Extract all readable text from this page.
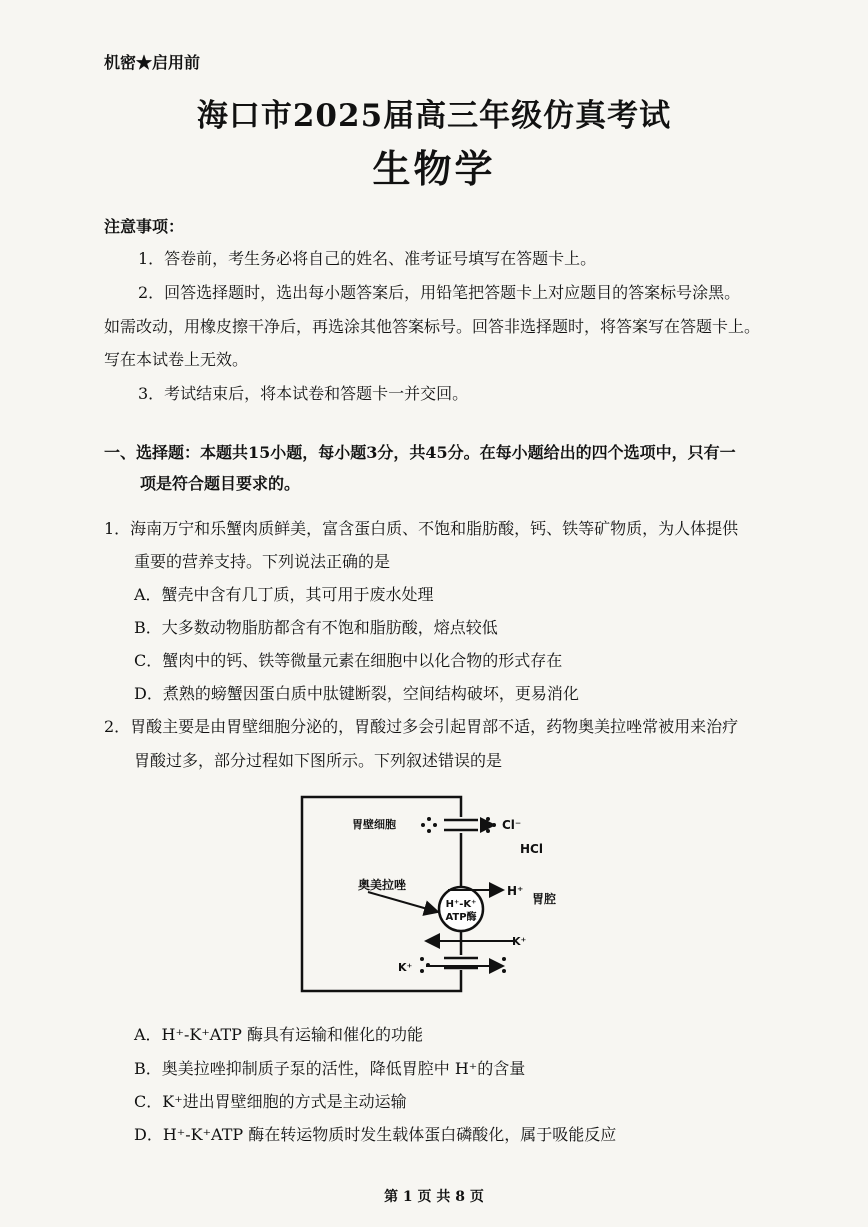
机密★启用前
海口市2025届高三年级仿真考试
生物学
注意事项：
1．答卷前，考生务必将自己的姓名、准考证号填写在答题卡上。
2．回答选择题时，选出每小题答案后，用铅笔把答题卡上对应题目的答案标号涂黑。
如需改动，用橡皮擦干净后，再选涂其他答案标号。回答非选择题时，将答案写在答题卡上。
写在本试卷上无效。
3．考试结束后，将本试卷和答题卡一并交回。
一、选择题：本题共15小题，每小题3分，共45分。在每小题给出的四个选项中，只有一
项是符合题目要求的。
1．海南万宁和乐蟹肉质鲜美，富含蛋白质、不饱和脂肪酸，钙、铁等矿物质，为人体提供
重要的营养支持。下列说法正确的是
A．蟹壳中含有几丁质，其可用于废水处理
B．大多数动物脂肪都含有不饱和脂肪酸，熔点较低
C．蟹肉中的钙、铁等微量元素在细胞中以化合物的形式存在
D．煮熟的螃蟹因蛋白质中肽键断裂，空间结构破坏，更易消化
2．胃酸主要是由胃壁细胞分泌的，胃酸过多会引起胃部不适，药物奥美拉唑常被用来治疗
胃酸过多，部分过程如下图所示。下列叙述错误的是
胃壁细胞	Cl⁻
HCl
奥美拉唑	H⁺
胃腔
H⁺-K⁺
ATP酶
K⁺
K⁺
A．H⁺-K⁺ATP 酶具有运输和催化的功能
B．奥美拉唑抑制质子泵的活性，降低胃腔中 H⁺的含量
C．K⁺进出胃壁细胞的方式是主动运输
D．H⁺-K⁺ATP 酶在转运物质时发生载体蛋白磷酸化，属于吸能反应
第 1 页 共 8 页
